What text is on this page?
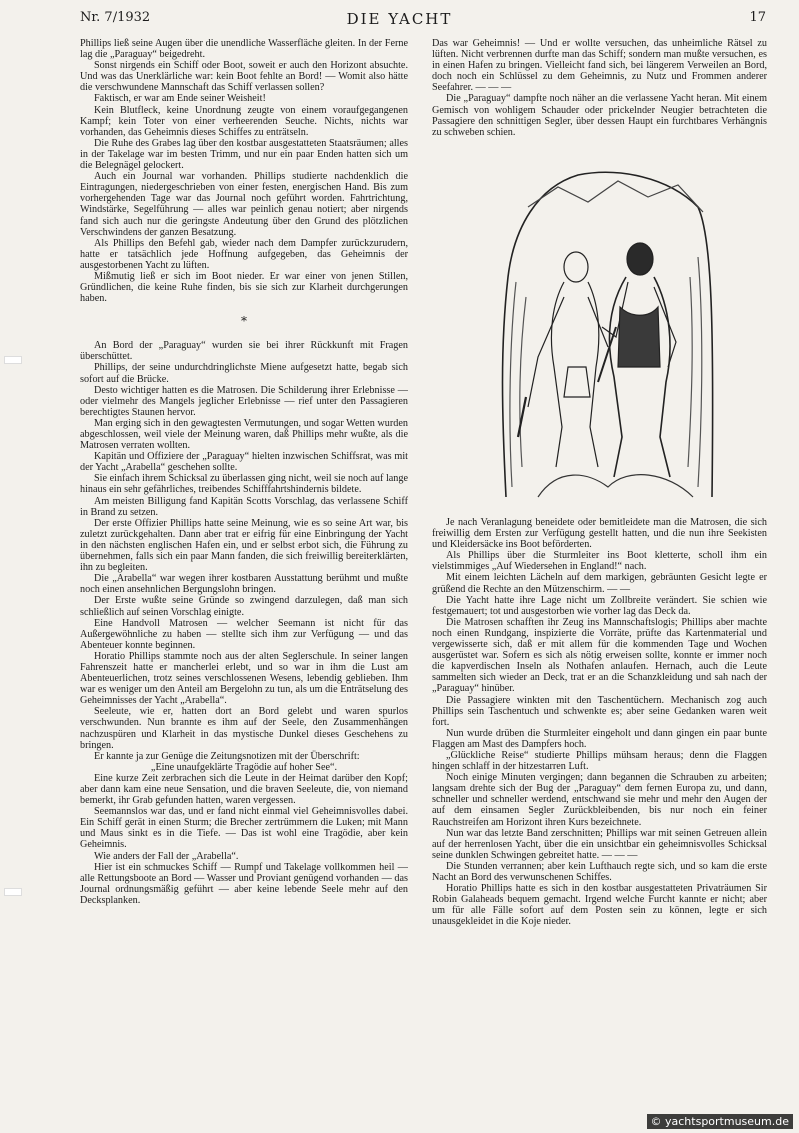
Nr. 7/1932	DIE YACHT	17

Phillips ließ seine Augen über die unendliche Wasserfläche gleiten. In der Ferne lag die „Paraguay“ beigedreht.

Sonst nirgends ein Schiff oder Boot, soweit er auch den Horizont absuchte. Und was das Unerklärliche war: kein Boot fehlte an Bord! — Womit also hätte die verschwundene Mannschaft das Schiff verlassen sollen?

Faktisch, er war am Ende seiner Weisheit!

Kein Blutfleck, keine Unordnung zeugte von einem voraufgegangenen Kampf; kein Toter von einer verheerenden Seuche. Nichts, nichts war vorhanden, das Geheimnis dieses Schiffes zu enträtseln.

Die Ruhe des Grabes lag über den kostbar ausgestatteten Staatsräumen; alles in der Takelage war im besten Trimm, und nur ein paar Enden hatten sich um die Belegnägel gelockert.

Auch ein Journal war vorhanden. Phillips studierte nachdenklich die Eintragungen, niedergeschrieben von einer festen, energischen Hand. Bis zum vorhergehenden Tage war das Journal noch geführt worden. Fahrtrichtung, Windstärke, Segelführung — alles war peinlich genau notiert; aber nirgends fand sich auch nur die geringste Andeutung über den Grund des plötzlichen Verschwindens der ganzen Besatzung.

Als Phillips den Befehl gab, wieder nach dem Dampfer zurückzurudern, hatte er tatsächlich jede Hoffnung aufgegeben, das Geheimnis der ausgestorbenen Yacht zu lüften.

Mißmutig ließ er sich im Boot nieder. Er war einer von jenen Stillen, Gründlichen, die keine Ruhe finden, bis sie sich zur Klarheit durchgerungen haben.

*

An Bord der „Paraguay“ wurden sie bei ihrer Rückkunft mit Fragen überschüttet.

Phillips, der seine undurchdringlichste Miene aufgesetzt hatte, begab sich sofort auf die Brücke.

Desto wichtiger hatten es die Matrosen. Die Schilderung ihrer Erlebnisse — oder vielmehr des Mangels jeglicher Erlebnisse — rief unter den Passagieren berechtigtes Staunen hervor.

Man erging sich in den gewagtesten Vermutungen, und sogar Wetten wurden abgeschlossen, weil viele der Meinung waren, daß Phillips mehr wußte, als die Matrosen verraten wollten.

Kapitän und Offiziere der „Paraguay“ hielten inzwischen Schiffsrat, was mit der Yacht „Arabella“ geschehen sollte.

Sie einfach ihrem Schicksal zu überlassen ging nicht, weil sie noch auf lange hinaus ein sehr gefährliches, treibendes Schifffahrtshindernis bildete.

Am meisten Billigung fand Kapitän Scotts Vorschlag, das verlassene Schiff in Brand zu setzen.

Der erste Offizier Phillips hatte seine Meinung, wie es so seine Art war, bis zuletzt zurückgehalten. Dann aber trat er eifrig für eine Einbringung der Yacht in den nächsten englischen Hafen ein, und er selbst erbot sich, die Führung zu übernehmen, falls sich ein paar Mann fanden, die sich freiwillig bereiterklärten, ihn zu begleiten.

Die „Arabella“ war wegen ihrer kostbaren Ausstattung berühmt und mußte noch einen ansehnlichen Bergungslohn bringen.

Der Erste wußte seine Gründe so zwingend darzulegen, daß man sich schließlich auf seinen Vorschlag einigte.

Eine Handvoll Matrosen — welcher Seemann ist nicht für das Außergewöhnliche zu haben — stellte sich ihm zur Verfügung — und das Abenteuer konnte beginnen.

Horatio Phillips stammte noch aus der alten Seglerschule. In seiner langen Fahrenszeit hatte er mancherlei erlebt, und so war in ihm die Lust am Abenteuerlichen, trotz seines verschlossenen Wesens, lebendig geblieben. Ihm war es weniger um den Anteil am Bergelohn zu tun, als um die Enträtselung des Geheimnisses der Yacht „Arabella“.

Seeleute, wie er, hatten dort an Bord gelebt und waren spurlos verschwunden. Nun brannte es ihm auf der Seele, den Zusammenhängen nachzuspüren und Klarheit in das mystische Dunkel dieses Geschehens zu bringen.

Er kannte ja zur Genüge die Zeitungsnotizen mit der Überschrift:

„Eine unaufgeklärte Tragödie auf hoher See“.

Eine kurze Zeit zerbrachen sich die Leute in der Heimat darüber den Kopf; aber dann kam eine neue Sensation, und die braven Seeleute, die, von niemand bemerkt, ihr Grab gefunden hatten, waren vergessen.

Seemannslos war das, und er fand nicht einmal viel Geheimnisvolles dabei. Ein Schiff gerät in einen Sturm; die Brecher zertrümmern die Luken; mit Mann und Maus sinkt es in die Tiefe. — Das ist wohl eine Tragödie, aber kein Geheimnis.

Wie anders der Fall der „Arabella“.

Hier ist ein schmuckes Schiff — Rumpf und Takelage vollkommen heil — alle Rettungsboote an Bord — Wasser und Proviant genügend vorhanden — das Journal ordnungsmäßig geführt — aber keine lebende Seele mehr auf den Decksplanken.

Das war Geheimnis! — Und er wollte versuchen, das unheimliche Rätsel zu lüften. Nicht verbrennen durfte man das Schiff; sondern man mußte versuchen, es in einen Hafen zu bringen. Vielleicht fand sich, bei längerem Verweilen an Bord, doch noch ein Schlüssel zu dem Geheimnis, zu Nutz und Frommen anderer Seefahrer. — — —

Die „Paraguay“ dampfte noch näher an die verlassene Yacht heran. Mit einem Gemisch von wohligem Schauder oder prickelnder Neugier betrachteten die Passagiere den schnittigen Segler, über dessen Haupt ein furchtbares Verhängnis zu schweben schien.

Je nach Veranlagung beneidete oder bemitleidete man die Matrosen, die sich freiwillig dem Ersten zur Verfügung gestellt hatten, und die nun ihre Seekisten und Kleidersäcke ins Boot beförderten.

Als Phillips über die Sturmleiter ins Boot kletterte, scholl ihm ein vielstimmiges „Auf Wiedersehen in England!“ nach.

Mit einem leichten Lächeln auf dem markigen, gebräunten Gesicht legte er grüßend die Rechte an den Mützenschirm. — —

Die Yacht hatte ihre Lage nicht um Zollbreite verändert. Sie schien wie festgemauert; tot und ausgestorben wie vorher lag das Deck da.

Die Matrosen schafften ihr Zeug ins Mannschaftslogis; Phillips aber machte noch einen Rundgang, inspizierte die Vorräte, prüfte das Kartenmaterial und vergewisserte sich, daß er mit allem für die kommenden Tage und Wochen ausgerüstet war. Sofern es sich als nötig erweisen sollte, konnte er immer noch die kapverdischen Inseln als Nothafen anlaufen. Hernach, auch die Leute sammelten sich wieder an Deck, trat er an die Schanzkleidung und sah nach der „Paraguay“ hinüber.

Die Passagiere winkten mit den Taschentüchern. Mechanisch zog auch Phillips sein Taschentuch und schwenkte es; aber seine Gedanken waren weit fort.

Nun wurde drüben die Sturmleiter eingeholt und dann gingen ein paar bunte Flaggen am Mast des Dampfers hoch.

„Glückliche Reise“ studierte Phillips mühsam heraus; denn die Flaggen hingen schlaff in der hitzestarren Luft.

Noch einige Minuten vergingen; dann begannen die Schrauben zu arbeiten; langsam drehte sich der Bug der „Paraguay“ dem fernen Europa zu, und dann, schneller und schneller werdend, entschwand sie mehr und mehr den Augen der auf dem einsamen Segler Zurückbleibenden, bis nur noch ein feiner Rauchstreifen am Horizont ihren Kurs bezeichnete.

Nun war das letzte Band zerschnitten; Phillips war mit seinen Getreuen allein auf der herrenlosen Yacht, über die ein unsichtbar ein geheimnisvolles Schicksal seine dunklen Schwingen gebreitet hatte. — — —

Die Stunden verrannen; aber kein Lufthauch regte sich, und so kam die erste Nacht an Bord des verwunschenen Schiffes.

Horatio Phillips hatte es sich in den kostbar ausgestatteten Privaträumen Sir Robin Galaheads bequem gemacht. Irgend welche Furcht kannte er nicht; aber um für alle Fälle sofort auf dem Posten sein zu können, legte er sich unausgekleidet in die Koje nieder.

© yachtsportmuseum.de
